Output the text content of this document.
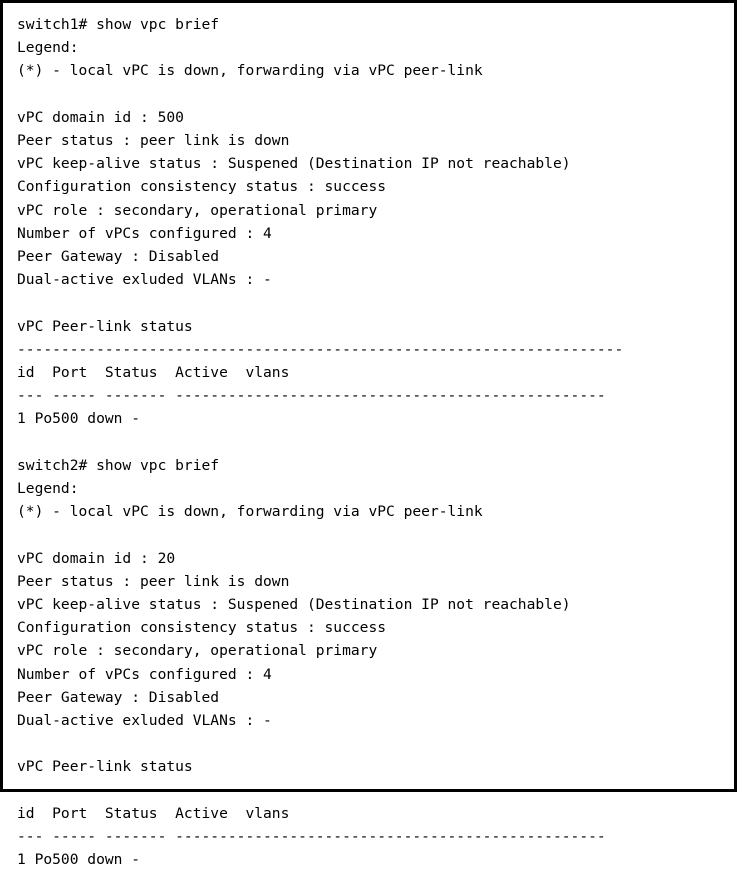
switch1# show vpc brief
Legend:
(*) - local vPC is down, forwarding via vPC peer-link
vPC domain id : 500
Peer status : peer link is down
vPC keep-alive status : Suspened (Destination IP not reachable)
Configuration consistency status : success
vPC role : secondary, operational primary
Number of vPCs configured : 4
Peer Gateway : Disabled
Dual-active exluded VLANs : -
vPC Peer-link status
---------------------------------------------------------------------
id  Port  Status  Active  vlans
--- ----- ------- -------------------------------------------------
1 Po500 down -
switch2# show vpc brief
Legend:
(*) - local vPC is down, forwarding via vPC peer-link
vPC domain id : 20
Peer status : peer link is down
vPC keep-alive status : Suspened (Destination IP not reachable)
Configuration consistency status : success
vPC role : secondary, operational primary
Number of vPCs configured : 4
Peer Gateway : Disabled
Dual-active exluded VLANs : -
vPC Peer-link status
---------------------------------------------------------------------
id  Port  Status  Active  vlans
--- ----- ------- -------------------------------------------------
1 Po500 down -
